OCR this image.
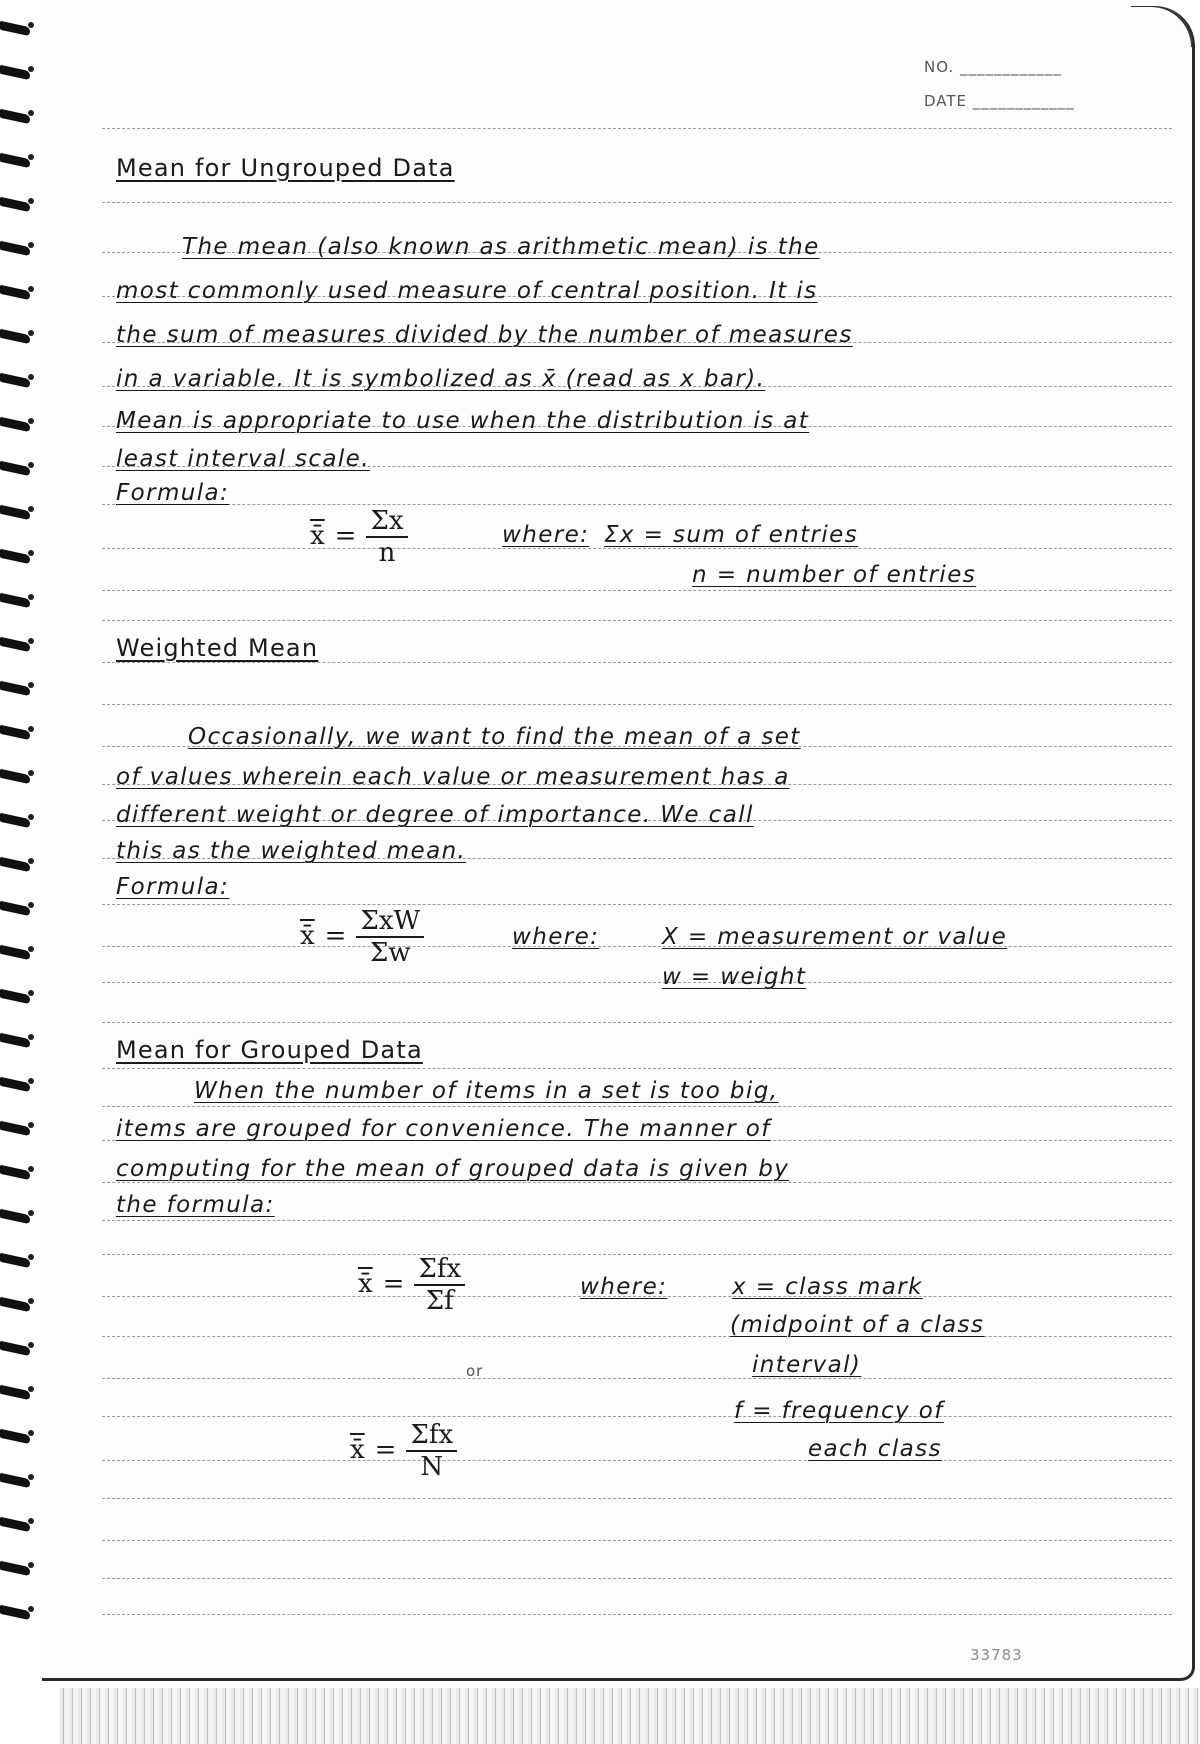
NO. ____________
DATE ____________
Mean for Ungrouped Data
The mean (also known as arithmetic mean) is the
most commonly used measure of central position. It is
the sum of measures divided by the number of measures
in a variable. It is symbolized as x̄ (read as x bar).
Mean is appropriate to use when the distribution is at
least interval scale.
Formula:
x̄ = $\frac{\Sigma x}{n}$	where: Σx = sum of entries
n = number of entries
Weighted Mean
Occasionally, we want to find the mean of a set
of values wherein each value or measurement has a
different weight or degree of importance. We call
this as the weighted mean.
Formula:
x̄ = $\frac{\text{ΣxW}}{\Sigma w}$	where:	X = measurement or value
w = weight
Mean for Grouped Data
When the number of items in a set is too big,
items are grouped for convenience. The manner of
computing for the mean of grouped data is given by
the formula:
x̄ = $\frac{\text{Σfx}}{\Sigma f}$
or
x̄ = $\frac{\text{Σfx}}{N}$
where:	x = class mark
(midpoint of a class
interval)
f = frequency of
each class
33783
